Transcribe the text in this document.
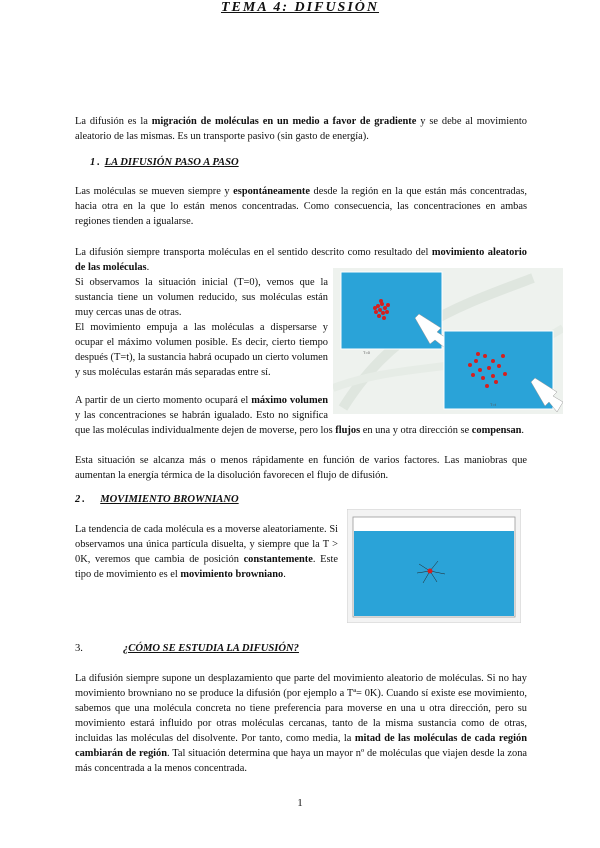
TEMA 4: DIFUSIÓN
La difusión es la migración de moléculas en un medio a favor de gradiente y se debe al movimiento aleatorio de las mismas. Es un transporte pasivo (sin gasto de energía).
1. LA DIFUSIÓN PASO A PASO
Las moléculas se mueven siempre y espontáneamente desde la región en la que están más concentradas, hacia otra en la que lo están menos concentradas. Como consecuencia, las concentraciones en ambas regiones tienden a igualarse.
La difusión siempre transporta moléculas en el sentido descrito como resultado del movimiento aleatorio de las moléculas.
Si observamos la situación inicial (T=0), vemos que la sustancia tiene un volumen reducido, sus moléculas están muy cercas unas de otras.
El movimiento empuja a las moléculas a dispersarse y ocupar el máximo volumen posible. Es decir, cierto tiempo después (T=t), la sustancia habrá ocupado un cierto volumen y sus moléculas estarán más separadas entre sí.
A partir de un cierto momento ocupará el máximo volumen y las concentraciones se habrán igualado. Esto no significa que las moléculas individualmente dejen de moverse, pero los flujos en una y otra dirección se compensan.
Esta situación se alcanza más o menos rápidamente en función de varios factores. Las maniobras que aumentan la energía térmica de la disolución favorecen el flujo de difusión.
T=0
T=t
2. MOVIMIENTO BROWNIANO
La tendencia de cada molécula es a moverse aleatoriamente. Si observamos una única partícula disuelta, y siempre que la T > 0K, veremos que cambia de posición constantemente. Este tipo de movimiento es el movimiento browniano.
3.	¿CÓMO SE ESTUDIA LA DIFUSIÓN?
La difusión siempre supone un desplazamiento que parte del movimiento aleatorio de moléculas. Si no hay movimiento browniano no se produce la difusión (por ejemplo a Tª= 0K). Cuando sí existe ese movimiento, sabemos que una molécula concreta no tiene preferencia para moverse en una u otra dirección, pero su movimiento estará influido por otras moléculas cercanas, tanto de la misma sustancia como de otras, incluidas las moléculas del disolvente. Por tanto, como media, la mitad de las moléculas de cada región cambiarán de región. Tal situación determina que haya un mayor nº de moléculas que viajen desde la zona más concentrada a la menos concentrada.
1
